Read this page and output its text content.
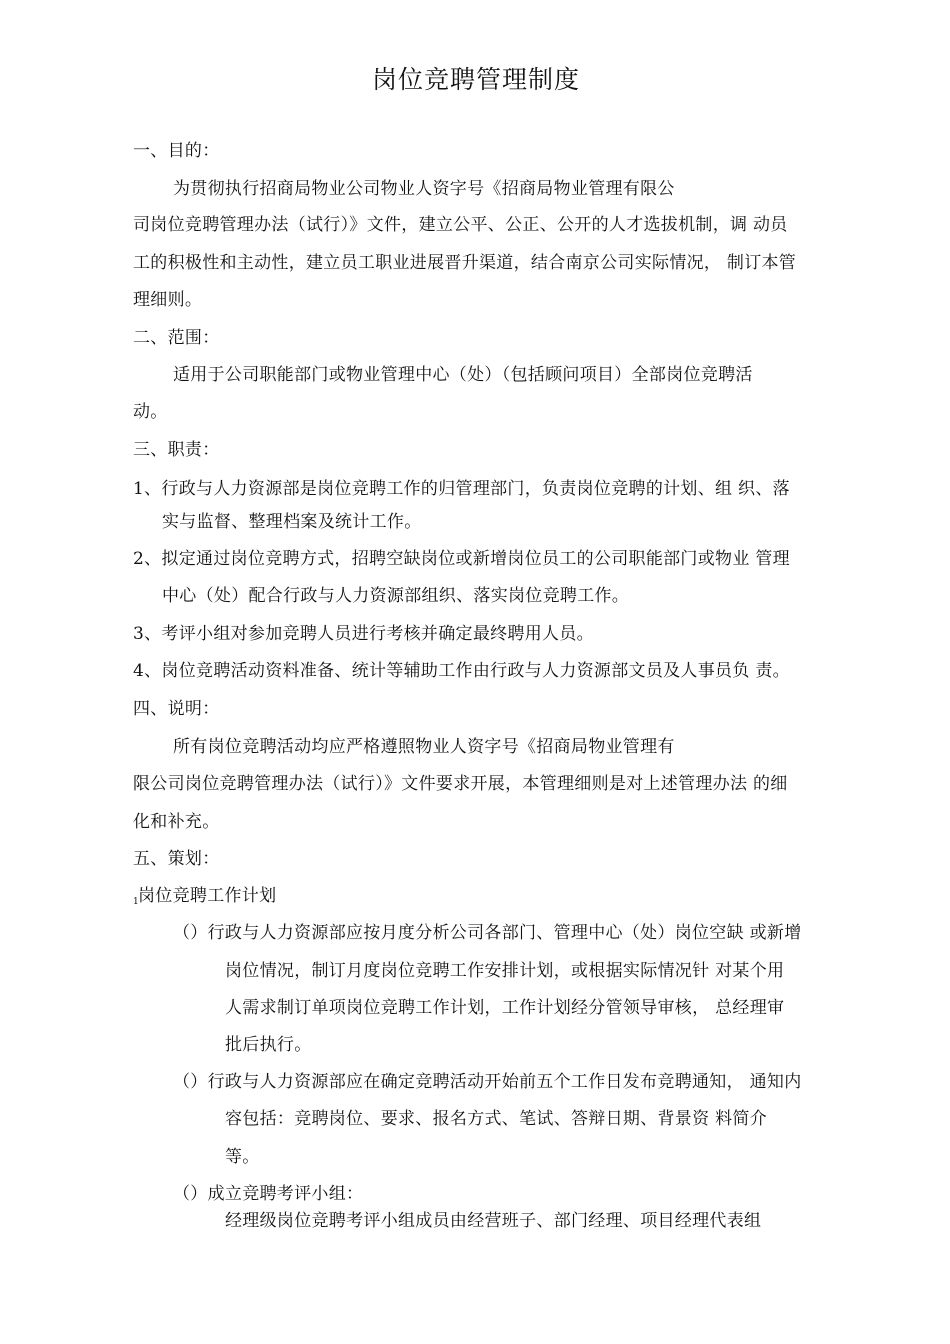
岗位竞聘管理制度
一、目的：
为贯彻执行招商局物业公司物业人资字号《招商局物业管理有限公
司岗位竞聘管理办法（试行）》文件，建立公平、公正、公开的人才选拔机制，调 动员
工的积极性和主动性，建立员工职业进展晋升渠道，结合南京公司实际情况， 制订本管
理细则。
二、范围：
适用于公司职能部门或物业管理中心（处）（包括顾问项目）全部岗位竞聘活
动。
三、职责：
1、行政与人力资源部是岗位竞聘工作的归管理部门，负责岗位竞聘的计划、组 织、落
实与监督、整理档案及统计工作。
2、拟定通过岗位竞聘方式，招聘空缺岗位或新增岗位员工的公司职能部门或物业 管理
中心（处）配合行政与人力资源部组织、落实岗位竞聘工作。
3、考评小组对参加竞聘人员进行考核并确定最终聘用人员。
4、岗位竞聘活动资料准备、统计等辅助工作由行政与人力资源部文员及人事员负 责。
四、说明：
所有岗位竞聘活动均应严格遵照物业人资字号《招商局物业管理有
限公司岗位竞聘管理办法（试行）》文件要求开展，本管理细则是对上述管理办法 的细
化和补充。
五、策划：
1
岗位竞聘工作计划
（）行政与人力资源部应按月度分析公司各部门、管理中心（处）岗位空缺 或新增
岗位情况，制订月度岗位竞聘工作安排计划，或根据实际情况针 对某个用
人需求制订单项岗位竞聘工作计划，工作计划经分管领导审核， 总经理审
批后执行。
（）行政与人力资源部应在确定竞聘活动开始前五个工作日发布竞聘通知， 通知内
容包括：竞聘岗位、要求、报名方式、笔试、答辩日期、背景资 料简介
等。
（）成立竞聘考评小组：
经理级岗位竞聘考评小组成员由经营班子、部门经理、项目经理代表组
